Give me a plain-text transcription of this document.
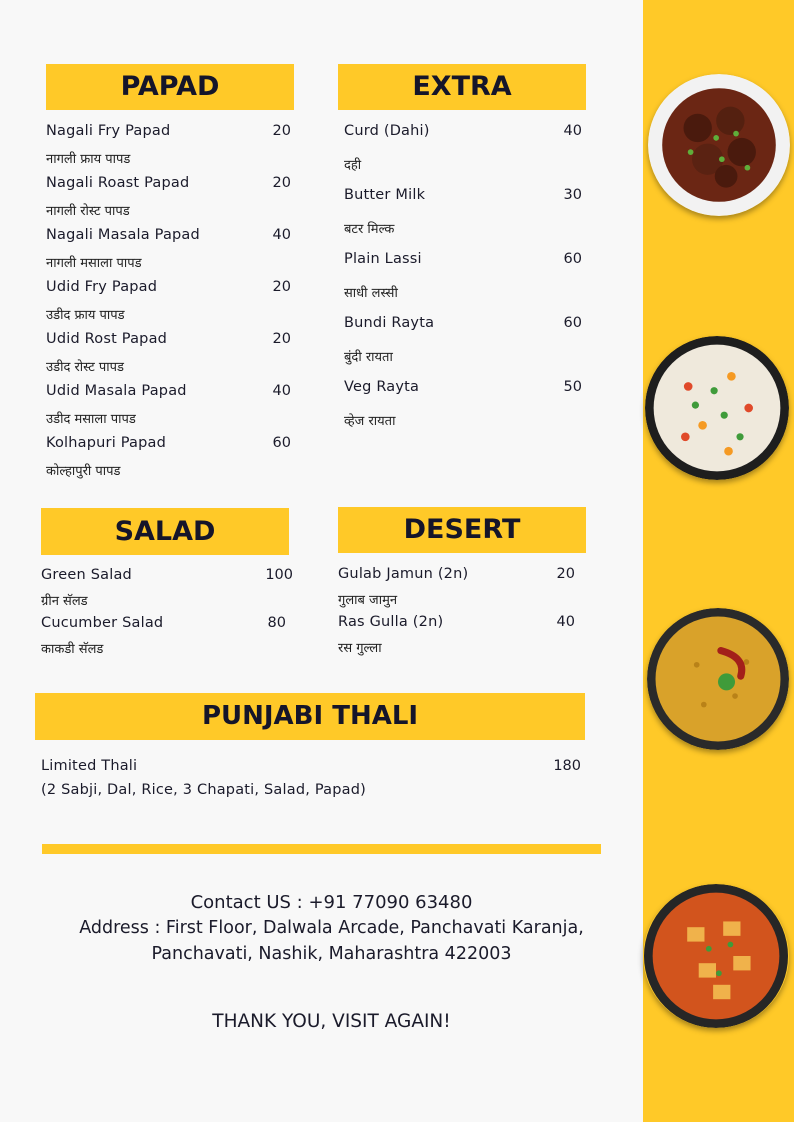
PAPAD
Nagali Fry Papad	20
नागली फ्राय पापड
Nagali Roast Papad	20
नागली रोस्ट पापड
Nagali Masala Papad	40
नागली मसाला पापड
Udid Fry Papad	20
उडीद फ्राय पापड
Udid Rost Papad	20
उडीद रोस्ट पापड
Udid Masala Papad	40
उडीद मसाला पापड
Kolhapuri Papad	60
कोल्हापुरी पापड
EXTRA
Curd (Dahi)	40
दही
Butter Milk	30
बटर मिल्क
Plain Lassi	60
साधी लस्सी
Bundi Rayta	60
बुंदी रायता
Veg Rayta	50
व्हेज रायता
SALAD
Green Salad	100
ग्रीन सॅलड
Cucumber Salad	80
काकडी सॅलड
DESERT
Gulab Jamun (2n)	20
गुलाब जामुन
Ras Gulla (2n)	40
रस गुल्ला
PUNJABI THALI
Limited Thali	180
(2 Sabji, Dal, Rice, 3 Chapati, Salad, Papad)
Contact US : +91 77090 63480
Address : First Floor, Dalwala Arcade, Panchavati Karanja,
Panchavati, Nashik, Maharashtra 422003
THANK YOU, VISIT AGAIN!
